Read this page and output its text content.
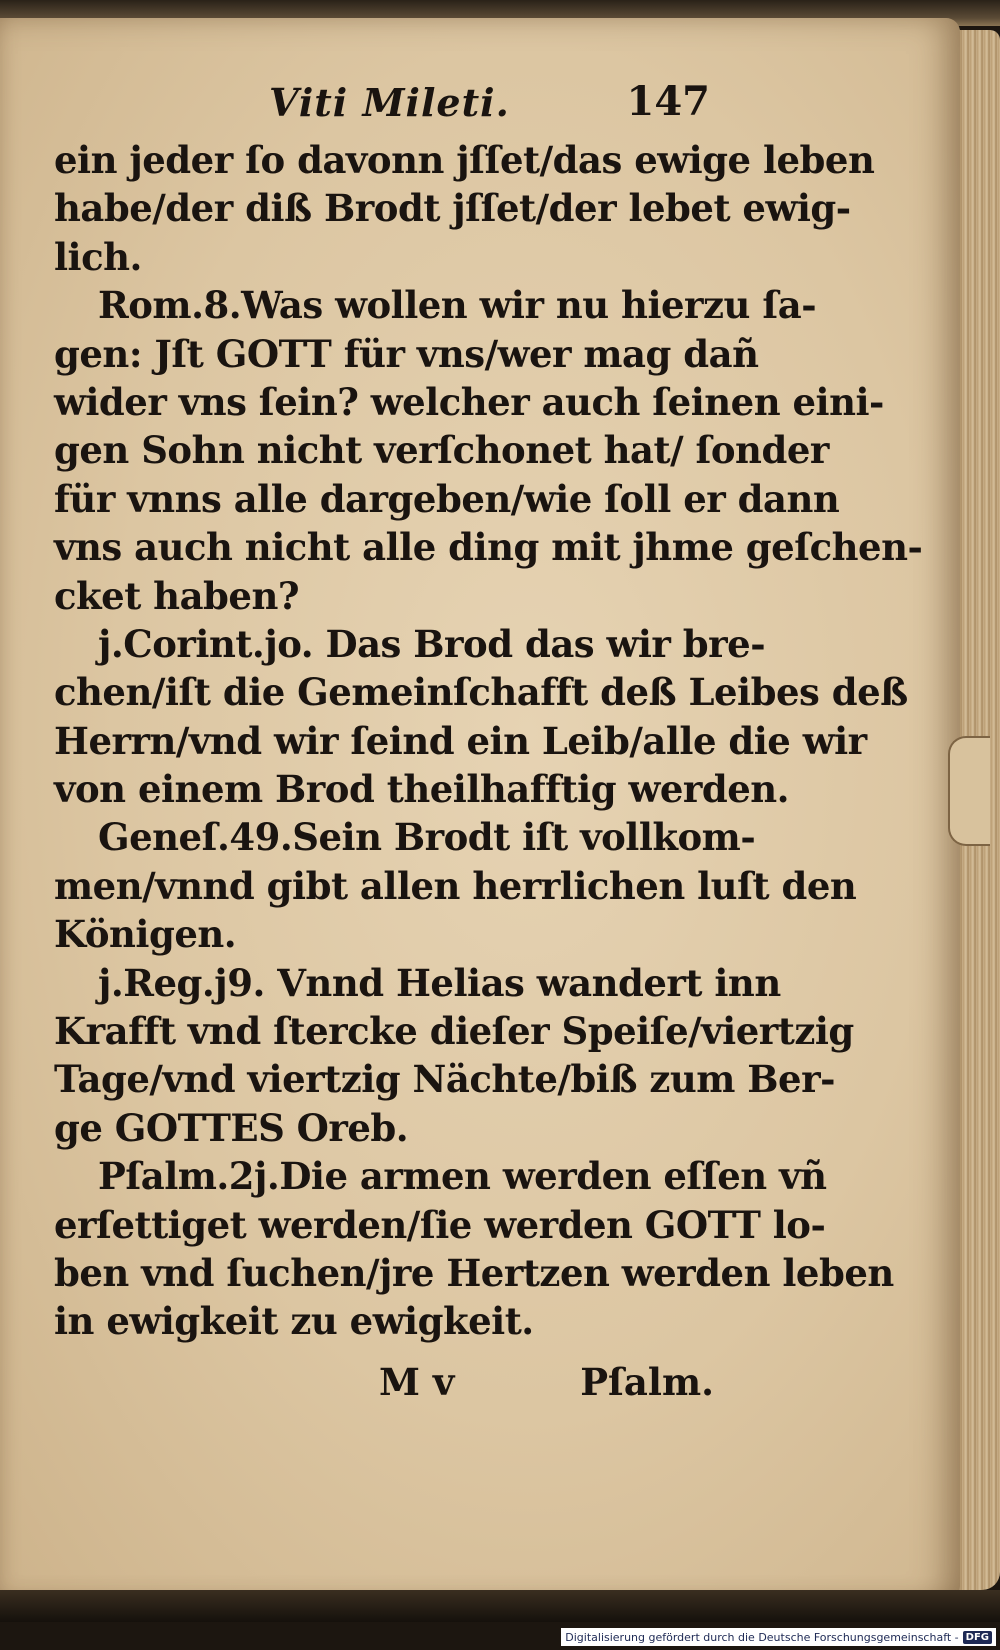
Viti Mileti.	147
ein jeder ſo davonn jſſet/das ewige leben
habe/der diß Brodt jſſet/der lebet ewig-
lich.
Rom.8.Was wollen wir nu hierzu ſa-
gen: Jſt GOTT für vns/wer mag dañ
wider vns ſein? welcher auch ſeinen eini-
gen Sohn nicht verſchonet hat/ ſonder
für vnns alle dargeben/wie ſoll er dann
vns auch nicht alle ding mit jhme geſchen-
cket haben?
j.Corint.jo. Das Brod das wir bre-
chen/iſt die Gemeinſchafft deß Leibes deß
Herrn/vnd wir ſeind ein Leib/alle die wir
von einem Brod theilhafftig werden.
Geneſ.49.Sein Brodt iſt vollkom-
men/vnnd gibt allen herrlichen luſt den
Königen.
j.Reg.j9. Vnnd Helias wandert inn
Krafft vnd ſtercke dieſer Speiſe/viertzig
Tage/vnd viertzig Nächte/biß zum Ber-
ge GOTTES Oreb.
Pſalm.2j.Die armen werden eſſen vñ
erſettiget werden/ſie werden GOTT lo-
ben vnd ſuchen/jre Hertzen werden leben
in ewigkeit zu ewigkeit.
M v	Pſalm.
Digitalisierung gefördert durch die Deutsche Forschungsgemeinschaft - DFG
